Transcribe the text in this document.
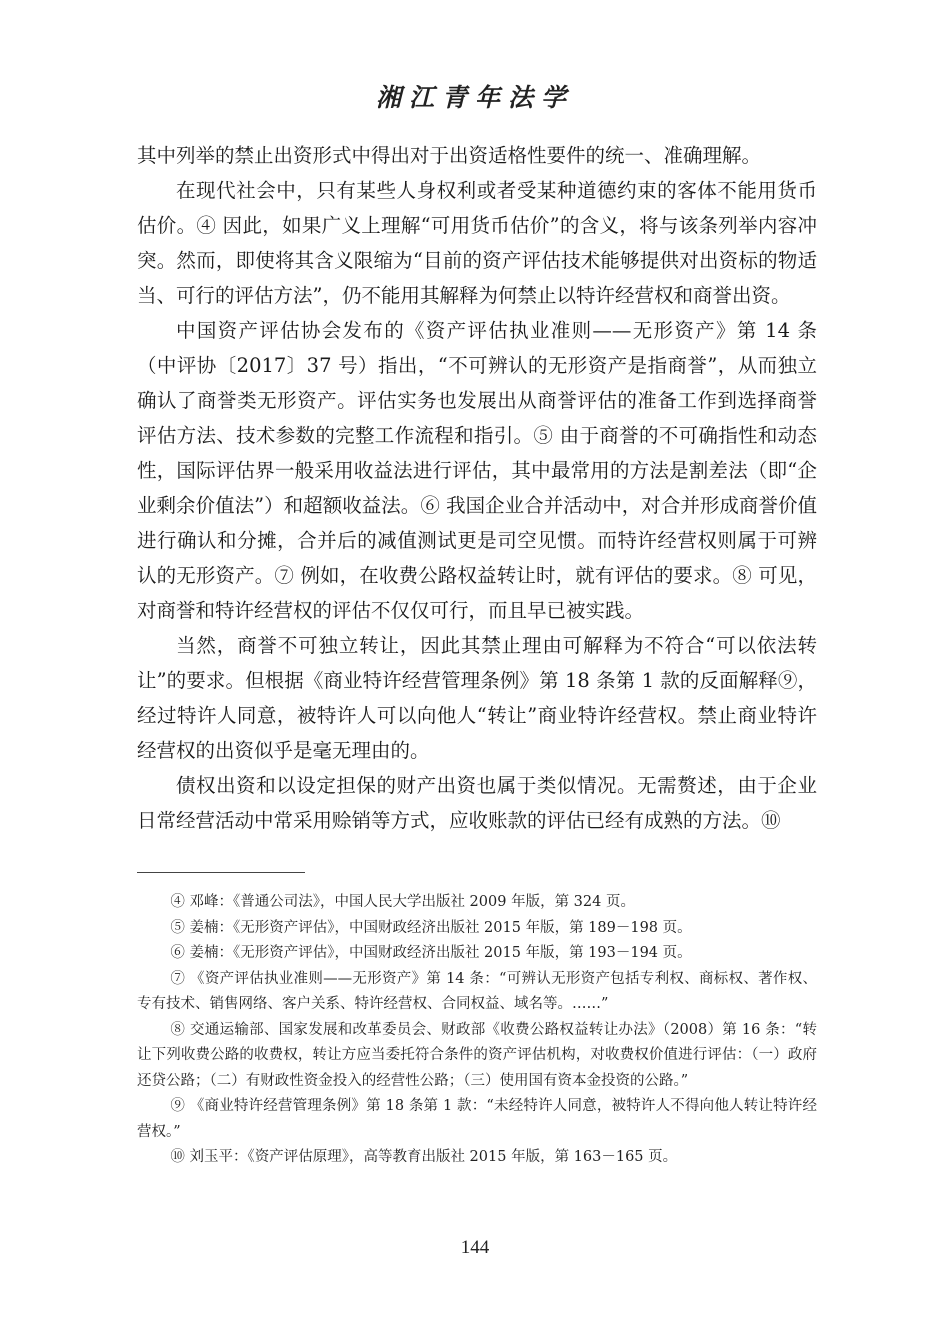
湘江青年法学

其中列举的禁止出资形式中得出对于出资适格性要件的统一、准确理解。

在现代社会中，只有某些人身权利或者受某种道德约束的客体不能用货币估价。④ 因此，如果广义上理解“可用货币估价”的含义，将与该条列举内容冲突。然而，即使将其含义限缩为“目前的资产评估技术能够提供对出资标的物适当、可行的评估方法”，仍不能用其解释为何禁止以特许经营权和商誉出资。

中国资产评估协会发布的《资产评估执业准则——无形资产》第 14 条（中评协〔2017〕37 号）指出，“不可辨认的无形资产是指商誉”，从而独立确认了商誉类无形资产。评估实务也发展出从商誉评估的准备工作到选择商誉评估方法、技术参数的完整工作流程和指引。⑤ 由于商誉的不可确指性和动态性，国际评估界一般采用收益法进行评估，其中最常用的方法是割差法（即“企业剩余价值法”）和超额收益法。⑥ 我国企业合并活动中，对合并形成商誉价值进行确认和分摊，合并后的减值测试更是司空见惯。而特许经营权则属于可辨认的无形资产。⑦ 例如，在收费公路权益转让时，就有评估的要求。⑧ 可见，对商誉和特许经营权的评估不仅仅可行，而且早已被实践。

当然，商誉不可独立转让，因此其禁止理由可解释为不符合“可以依法转让”的要求。但根据《商业特许经营管理条例》第 18 条第 1 款的反面解释⑨，经过特许人同意，被特许人可以向他人“转让”商业特许经营权。禁止商业特许经营权的出资似乎是毫无理由的。

债权出资和以设定担保的财产出资也属于类似情况。无需赘述，由于企业日常经营活动中常采用赊销等方式，应收账款的评估已经有成熟的方法。⑩

④ 邓峰：《普通公司法》，中国人民大学出版社 2009 年版，第 324 页。

⑤ 姜楠：《无形资产评估》，中国财政经济出版社 2015 年版，第 189－198 页。

⑥ 姜楠：《无形资产评估》，中国财政经济出版社 2015 年版，第 193－194 页。

⑦ 《资产评估执业准则——无形资产》第 14 条：“可辨认无形资产包括专利权、商标权、著作权、专有技术、销售网络、客户关系、特许经营权、合同权益、域名等。……”

⑧ 交通运输部、国家发展和改革委员会、财政部《收费公路权益转让办法》（2008）第 16 条：“转让下列收费公路的收费权，转让方应当委托符合条件的资产评估机构，对收费权价值进行评估：（一）政府还贷公路；（二）有财政性资金投入的经营性公路；（三）使用国有资本金投资的公路。”

⑨ 《商业特许经营管理条例》第 18 条第 1 款：“未经特许人同意，被特许人不得向他人转让特许经营权。”

⑩ 刘玉平：《资产评估原理》，高等教育出版社 2015 年版，第 163－165 页。

144
